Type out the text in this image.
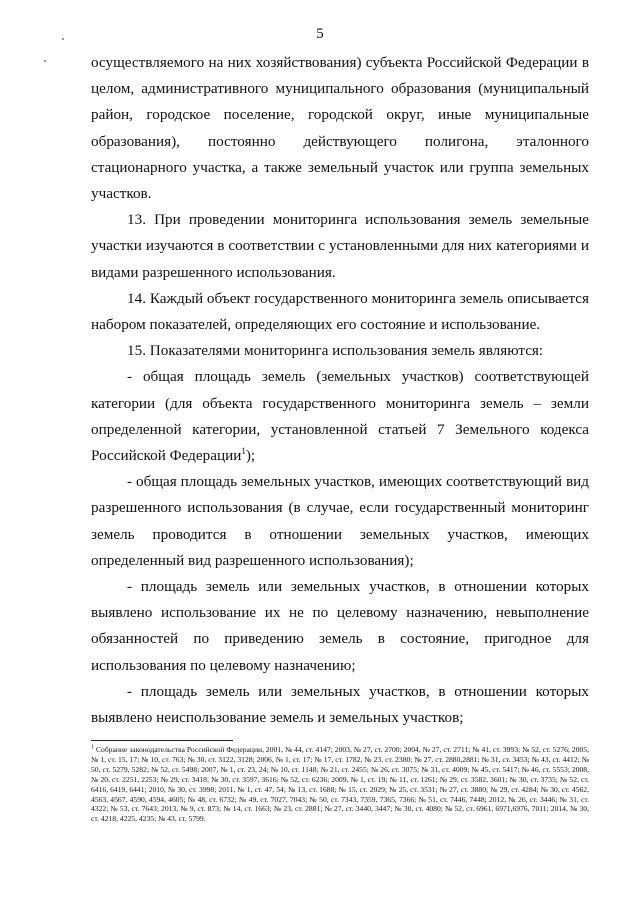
5

осуществляемого на них хозяйствования) субъекта Российской Федерации в целом, административного муниципального образования (муниципальный район, городское поселение, городской округ, иные муниципальные образования), постоянно действующего полигона, эталонного стационарного участка, а также земельный участок или группа земельных участков.

13. При проведении мониторинга использования земель земельные участки изучаются в соответствии с установленными для них категориями и видами разрешенного использования.

14. Каждый объект государственного мониторинга земель описывается набором показателей, определяющих его состояние и использование.

15. Показателями мониторинга использования земель являются:

- общая площадь земель (земельных участков) соответствующей категории (для объекта государственного мониторинга земель – земли определенной категории, установленной статьей 7 Земельного кодекса Российской Федерации$^1$);

- общая площадь земельных участков, имеющих соответствующий вид разрешенного использования (в случае, если государственный мониторинг земель проводится в отношении земельных участков, имеющих определенный вид разрешенного использования);

- площадь земель или земельных участков, в отношении которых выявлено использование их не по целевому назначению, невыполнение обязанностей по приведению земель в состояние, пригодное для использования по целевому назначению;

- площадь земель или земельных участков, в отношении которых выявлено неиспользование земель и земельных участков;

$^1$ Собрание законодательства Российской Федерации, 2001, № 44, ст. 4147; 2003, № 27, ст. 2700; 2004, № 27, ст. 2711; № 41, ст. 3993; № 52, ст. 5276; 2005, № 1, ст. 15, 17; № 10, ст. 763; № 30, ст. 3122, 3128; 2006, № 1, ст. 17; № 17, ст. 1782, № 23, ст. 2380; № 27, ст. 2880,2881; № 31, ст. 3453; № 43, ст. 4412; № 50, ст. 5279, 5282; № 52, ст. 5498; 2007, № 1, ст. 23, 24; № 10, ст. 1148; № 21, ст. 2455; № 26, ст. 3075; № 31, ст. 4009; № 45, ст. 5417; № 46, ст. 5553; 2008, № 20, ст. 2251, 2253; № 29, ст. 3418; № 30, ст. 3597, 3616; № 52, ст. 6236; 2009, № 1, ст. 19; № 11, ст. 1261; № 29, ст. 3582, 3601; № 30, ст. 3735; № 52, ст. 6416, 6419, 6441; 2010, № 30, ст. 3998; 2011, № 1, ст. 47, 54; № 13, ст. 1688; № 15, ст. 2029; № 25, ст. 3531; № 27, ст. 3880; № 29, ст. 4284; № 30, ст. 4562, 4563, 4567, 4590, 4594, 4605; № 48, ст. 6732; № 49, ст. 7027, 7043; № 50, ст. 7343, 7359, 7365, 7366; № 51, ст. 7446, 7448; 2012, № 26, ст. 3446; № 31, ст. 4322; № 53, ст. 7643; 2013, № 9, ст. 873; № 14, ст. 1663; № 23, ст. 2881; № 27, ст. 3440, 3447; № 30, ст. 4080; № 52, ст. 6961, 6971,6976, 7011; 2014, № 30, ст. 4218, 4225, 4235; № 43, ст. 5799.
